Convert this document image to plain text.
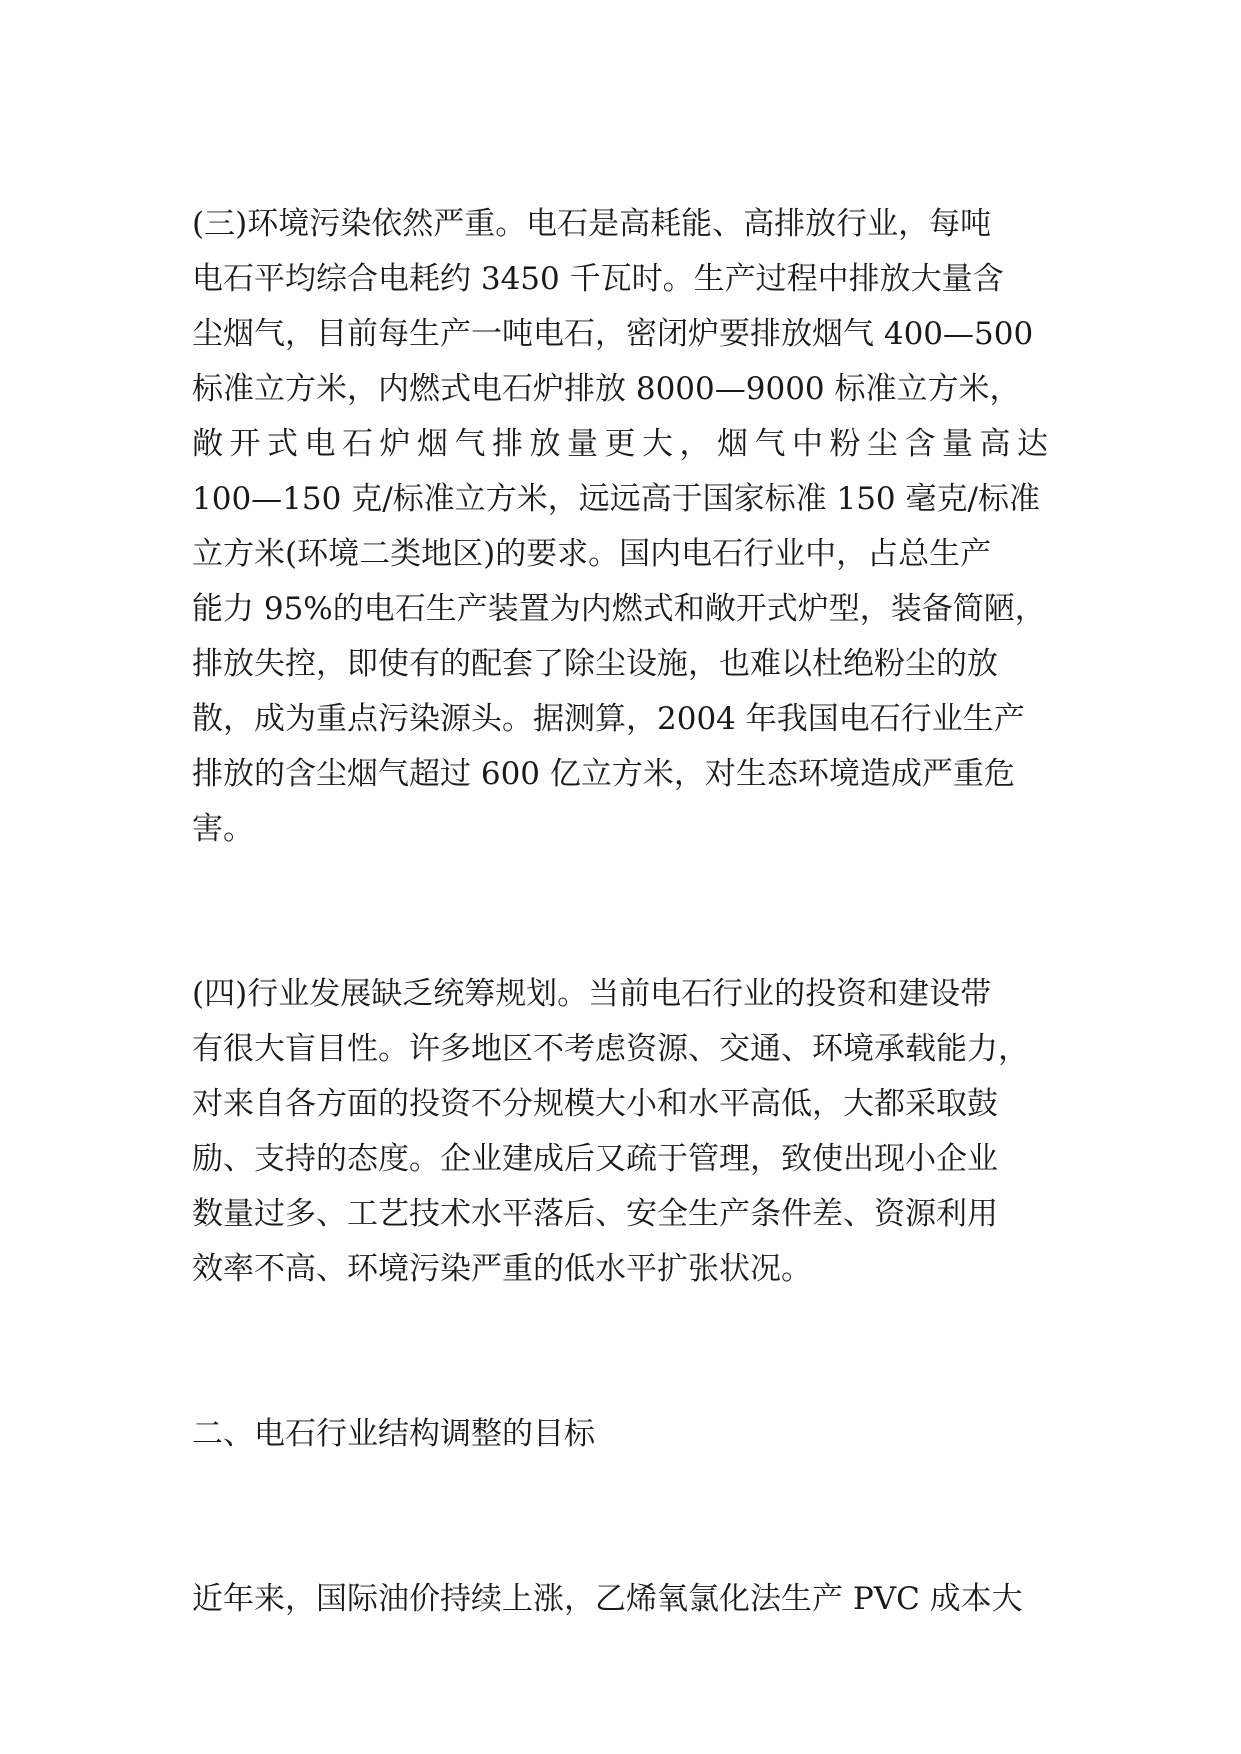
(三)环境污染依然严重。电石是高耗能、高排放行业，每吨
电石平均综合电耗约 3450 千瓦时。生产过程中排放大量含
尘烟气，目前每生产一吨电石，密闭炉要排放烟气 400—500
标准立方米，内燃式电石炉排放 8000—9000 标准立方米，
敞开式电石炉烟气排放量更大，烟气中粉尘含量高达
100—150 克/标准立方米，远远高于国家标准 150 毫克/标准
立方米(环境二类地区)的要求。国内电石行业中，占总生产
能力 95%的电石生产装置为内燃式和敞开式炉型，装备简陋，
排放失控，即使有的配套了除尘设施，也难以杜绝粉尘的放
散，成为重点污染源头。据测算，2004 年我国电石行业生产
排放的含尘烟气超过 600 亿立方米，对生态环境造成严重危
害。
(四)行业发展缺乏统筹规划。当前电石行业的投资和建设带
有很大盲目性。许多地区不考虑资源、交通、环境承载能力，
对来自各方面的投资不分规模大小和水平高低，大都采取鼓
励、支持的态度。企业建成后又疏于管理，致使出现小企业
数量过多、工艺技术水平落后、安全生产条件差、资源利用
效率不高、环境污染严重的低水平扩张状况。
二、电石行业结构调整的目标
近年来，国际油价持续上涨，乙烯氧氯化法生产 PVC 成本大
